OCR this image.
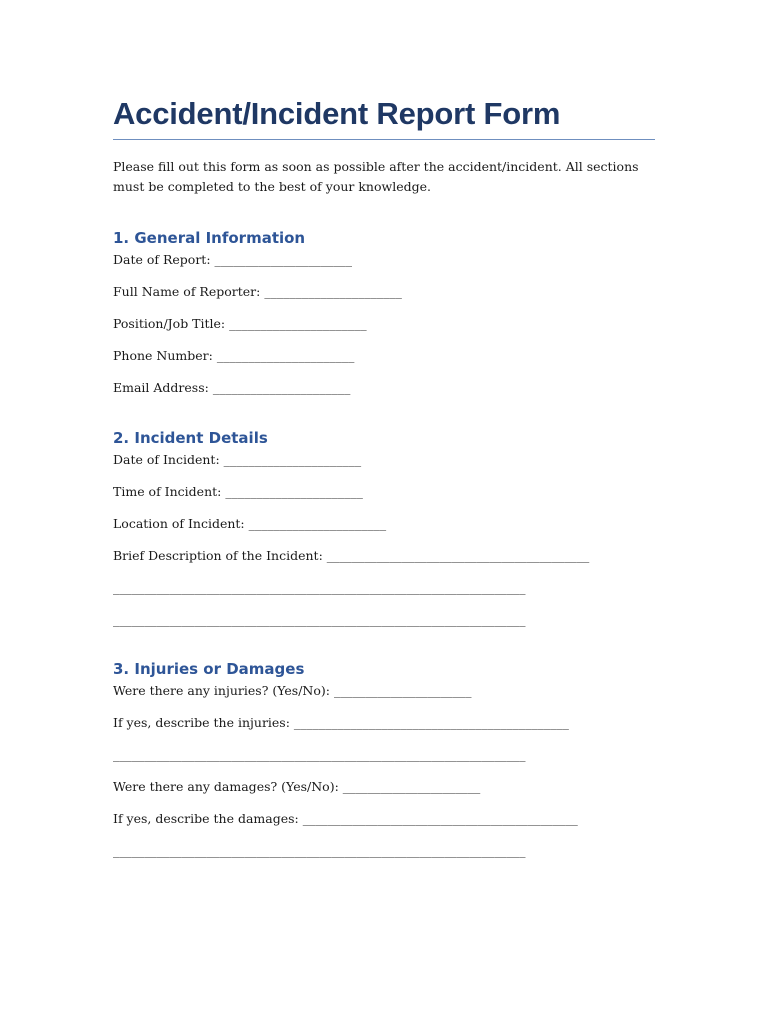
Accident/Incident Report Form
Please fill out this form as soon as possible after the accident/incident. All sections must be completed to the best of your knowledge.
1. General Information
Date of Report: ______________________
Full Name of Reporter: ______________________
Position/Job Title: ______________________
Phone Number: ______________________
Email Address: ______________________
2. Incident Details
Date of Incident: ______________________
Time of Incident: ______________________
Location of Incident: ______________________
Brief Description of the Incident: __________________________________________
__________________________________________________________________
__________________________________________________________________
3. Injuries or Damages
Were there any injuries? (Yes/No): ______________________
If yes, describe the injuries: ____________________________________________
__________________________________________________________________
Were there any damages? (Yes/No): ______________________
If yes, describe the damages: ____________________________________________
__________________________________________________________________
